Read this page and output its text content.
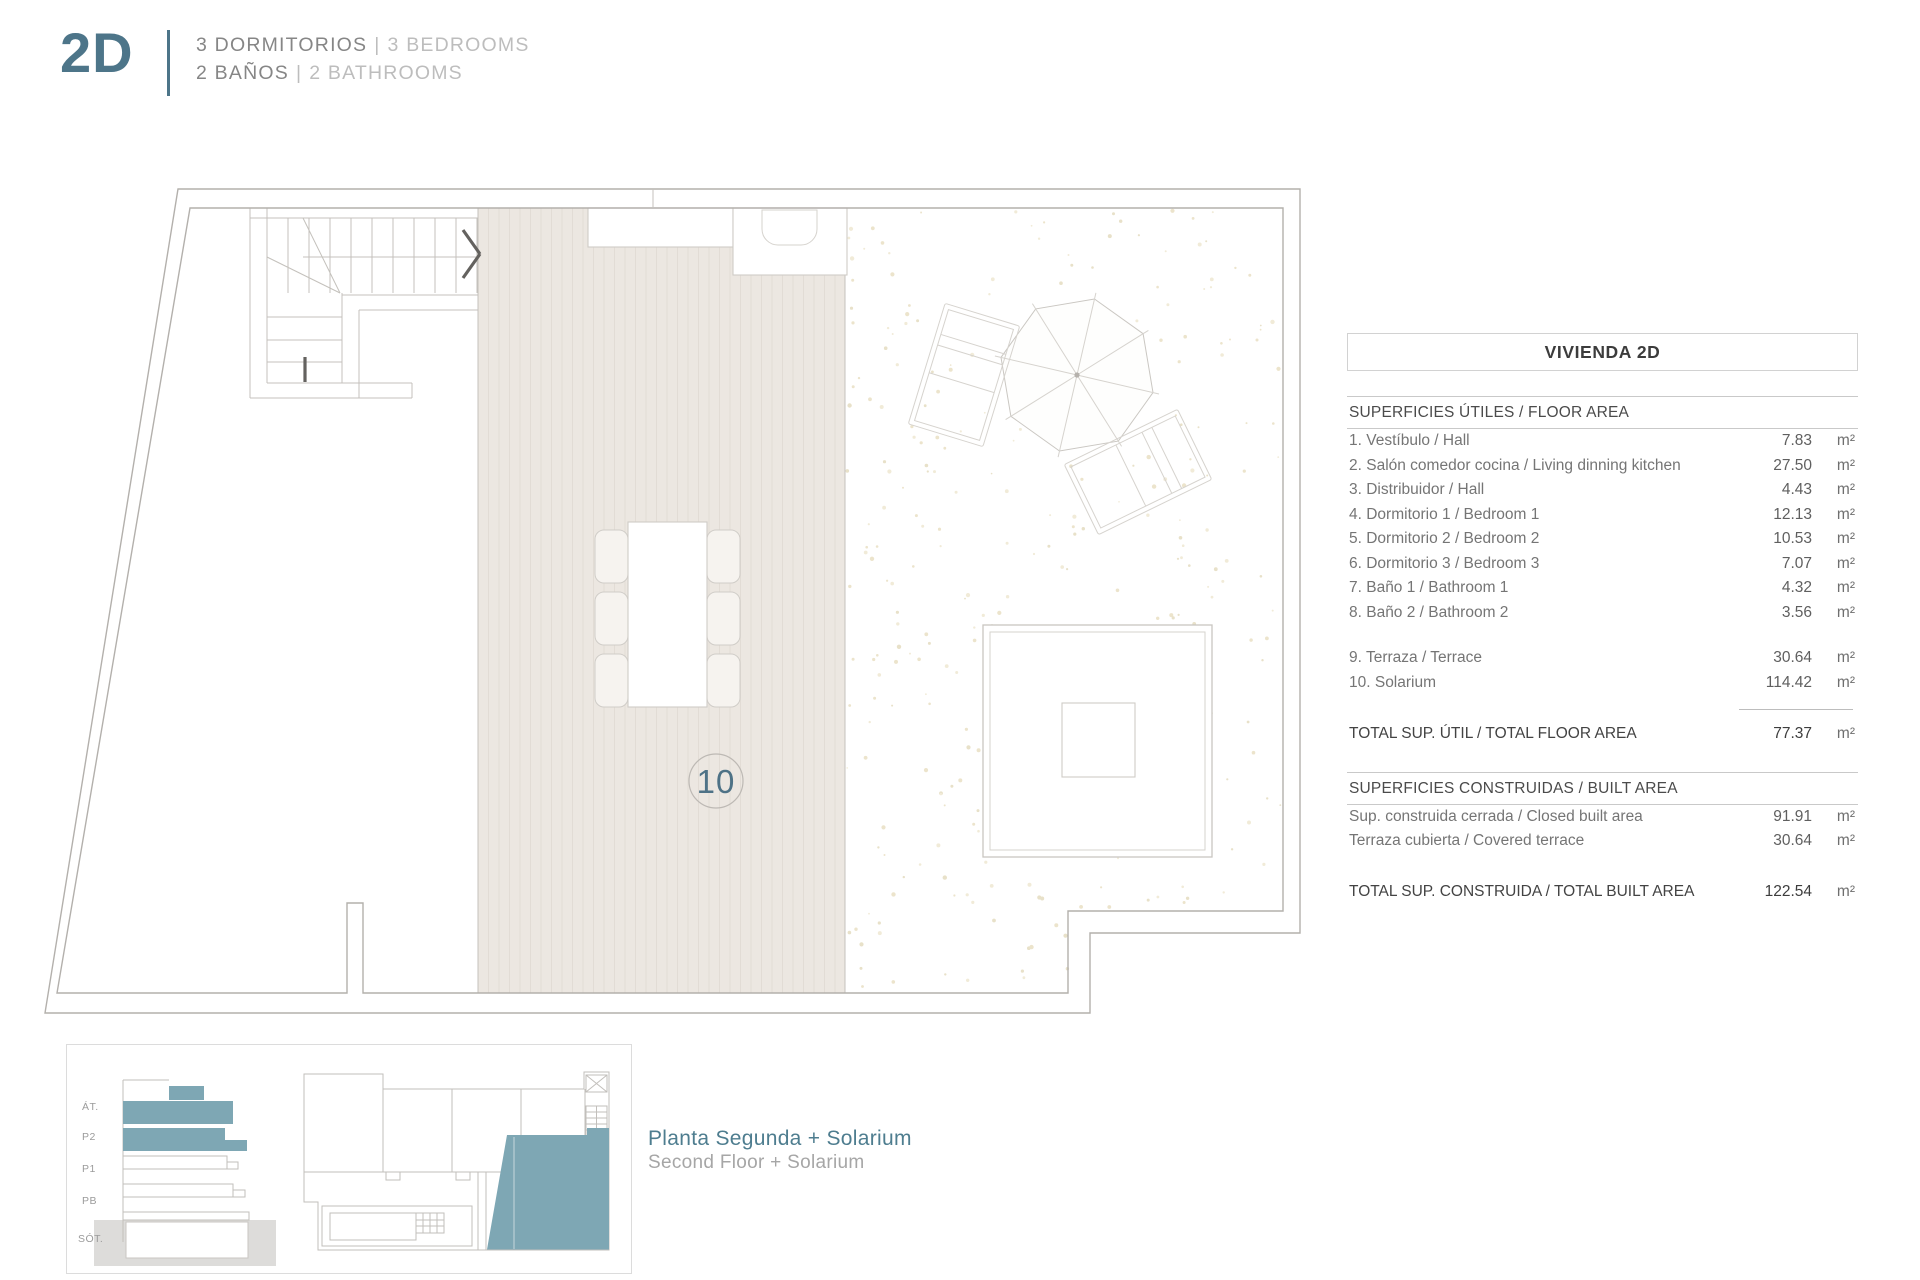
2D	3 DORMITORIOS | 3 BEDROOMS
2 BAÑOS | 2 BATHROOMS
10
ÁT.
P2
P1
PB
SÓT.
Planta Segunda + Solarium
Second Floor + Solarium
VIVIENDA 2D
SUPERFICIES ÚTILES / FLOOR AREA
1. Vestíbulo / Hall	7.83	m²
2. Salón comedor cocina / Living dinning kitchen	27.50	m²
3. Distribuidor / Hall	4.43	m²
4. Dormitorio 1 / Bedroom 1	12.13	m²
5. Dormitorio 2 / Bedroom 2	10.53	m²
6. Dormitorio 3 / Bedroom 3	7.07	m²
7. Baño 1 / Bathroom 1	4.32	m²
8. Baño 2 / Bathroom 2	3.56	m²
9. Terraza / Terrace	30.64	m²
10. Solarium	114.42	m²
TOTAL SUP. ÚTIL / TOTAL FLOOR AREA	77.37	m²
SUPERFICIES CONSTRUIDAS / BUILT AREA
Sup. construida cerrada / Closed built area	91.91	m²
Terraza cubierta / Covered terrace	30.64	m²
TOTAL SUP. CONSTRUIDA / TOTAL BUILT AREA	122.54	m²
